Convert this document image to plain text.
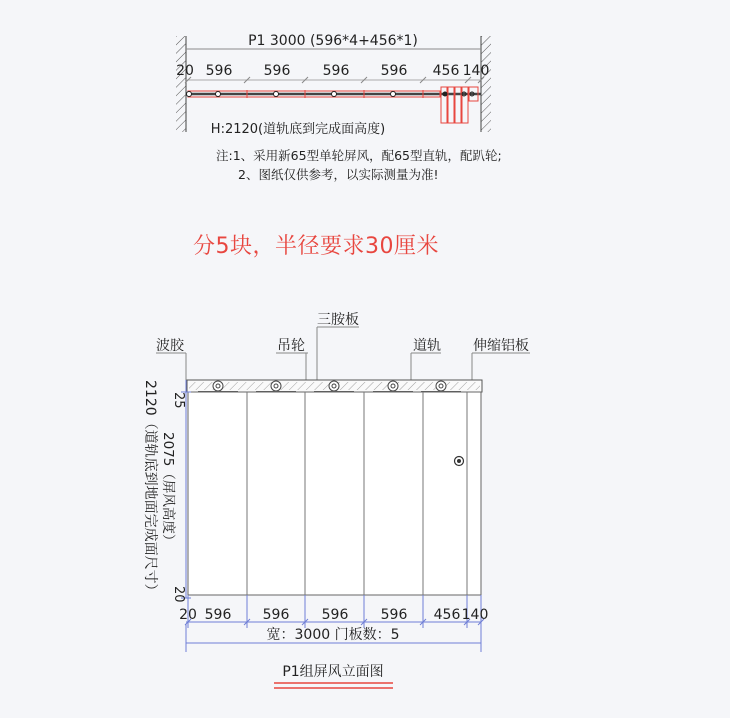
P1 3000 (596*4+456*1)
20 596 596 596 596 456 140
H:2120(道轨底到完成面高度)
三胺板
波胶	吊轮	道轨 伸缩铝板
25
2120（道轨底到地面完成面尺寸） 2075（屏风高度）
20
20 596 596 596 596 456 140
宽：3000 门板数：5
P1组屏风立面图
注:1、采用新65型单轮屏风，配65型直轨，配趴轮;
2、图纸仅供参考，以实际测量为准!
分5块，半径要求30厘米
